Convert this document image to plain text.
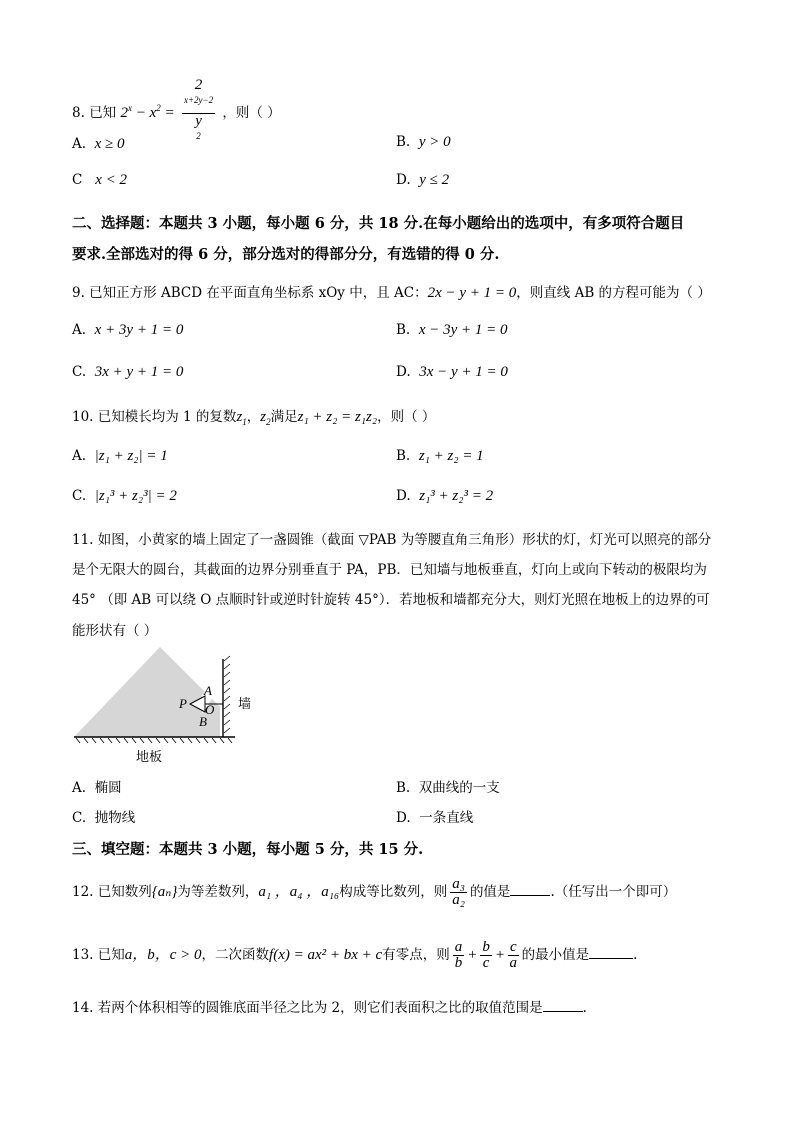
8. 已知 $2^x - x^2 = 2$
$^{x+2y-2}$
y
$^2$ ，则（ ）
A. x ≥ 0	B. y > 0
C x < 2	D. y ≤ 2
二、选择题：本题共 3 小题，每小题 6 分，共 18 分.在每小题给出的选项中，有多项符合题目
要求.全部选对的得 6 分，部分选对的得部分分，有选错的得 0 分.
9. 已知正方形 ABCD 在平面直角坐标系 xOy 中，且 AC：2x − y + 1 = 0，则直线 AB 的方程可能为（ ）
A. x + 3y + 1 = 0	B. x − 3y + 1 = 0
C. 3x + y + 1 = 0	D. 3x − y + 1 = 0
10. 已知模长均为 1 的复数$z_1$，$z_2$满足z₁ + z₂ = z₁z₂，则（ ）
A. |z₁ + z₂| = 1	B. z₁ + z₂ = 1
C. |z₁³ + z₂³| = 2	D. z₁³ + z₂³ = 2
11. 如图，小黄家的墙上固定了一盏圆锥（截面 ▽PAB 为等腰直角三角形）形状的灯，灯光可以照亮的部分
是个无限大的圆台，其截面的边界分别垂直于 PA，PB．已知墙与地板垂直，灯向上或向下转动的极限均为
45° （即 AB 可以绕 O 点顺时针或逆时针旋转 45°）．若地板和墙都充分大，则灯光照在地板上的边界的可
能形状有（ ）
P
A
O
B
墙
地板
A. 椭圆	B. 双曲线的一支
C. 抛物线	D. 一条直线
三、填空题：本题共 3 小题，每小题 5 分，共 15 分.
12. 已知数列{aₙ}为等差数列，a₁ ，a₄ ，a₁₆构成等比数列，则 $\frac{\text{a₃}}{\text{a₂}}$ 的值是	.（任写出一个即可）
13. 已知a，b，c > 0，二次函数f(x) = ax² + bx + c有零点，则 $\frac{a}{b} + \frac{b}{c} + \frac{c}{a}$ 的最小值是	.
14. 若两个体积相等的圆锥底面半径之比为 2，则它们表面积之比的取值范围是	.
